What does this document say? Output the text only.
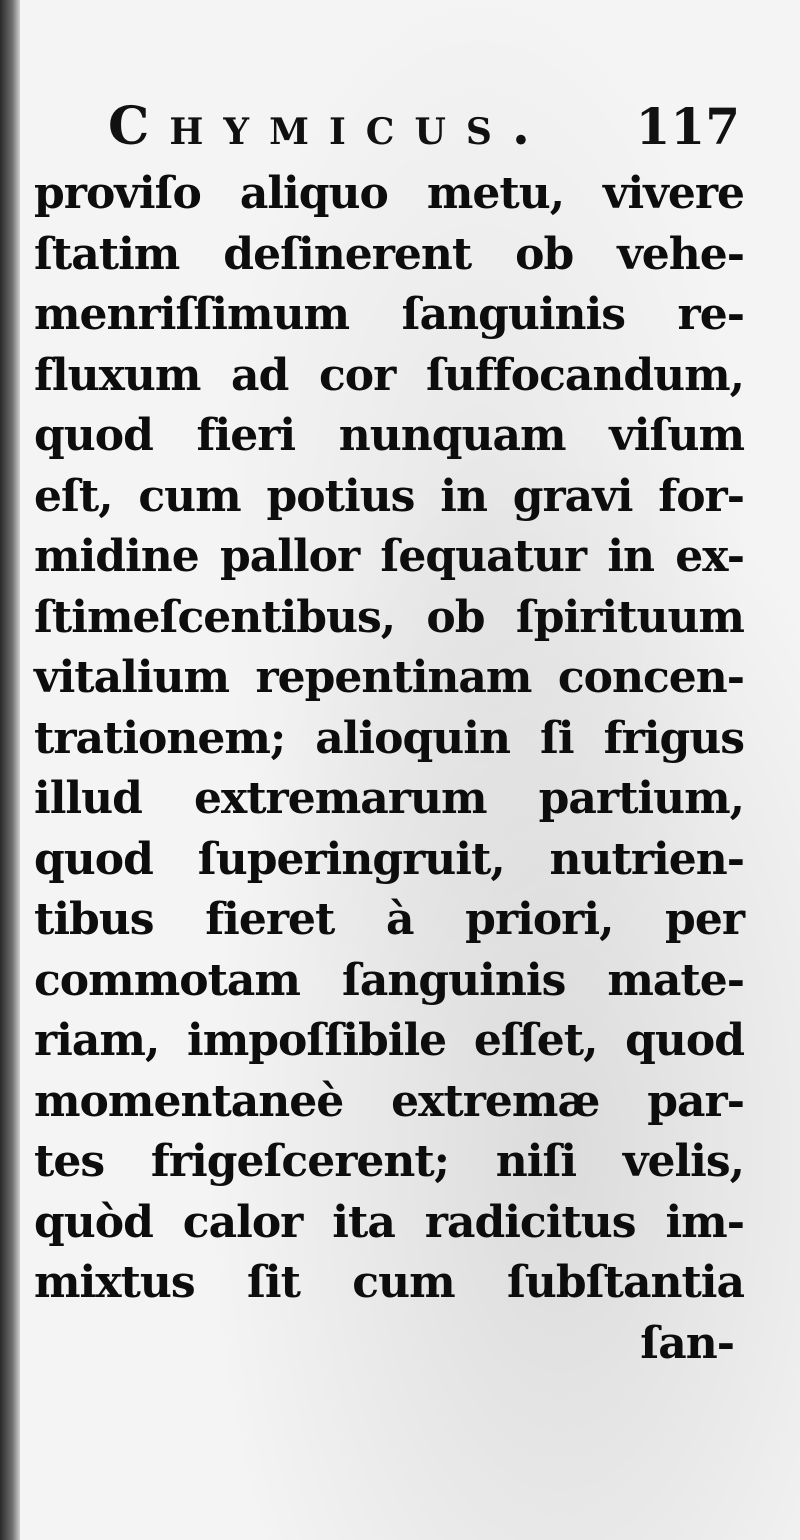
Chymicus. 117
proviſo aliquo metu, vivere
ſtatim deſinerent ob vehe-
menriſſimum ſanguinis re-
fluxum ad cor ſuffocandum,
quod fieri nunquam viſum
eſt, cum potius in gravi for-
midine pallor ſequatur in ex-
ſtimeſcentibus, ob ſpirituum
vitalium repentinam concen-
trationem; alioquin ſi frigus
illud extremarum partium,
quod ſuperingruit, nutrien-
tibus fieret à priori, per
commotam ſanguinis mate-
riam, impoſſibile eſſet, quod
momentaneè extremæ par-
tes frigeſcerent; niſi velis,
quòd calor ita radicitus im-
mixtus ſit cum ſubſtantia
ſan-
